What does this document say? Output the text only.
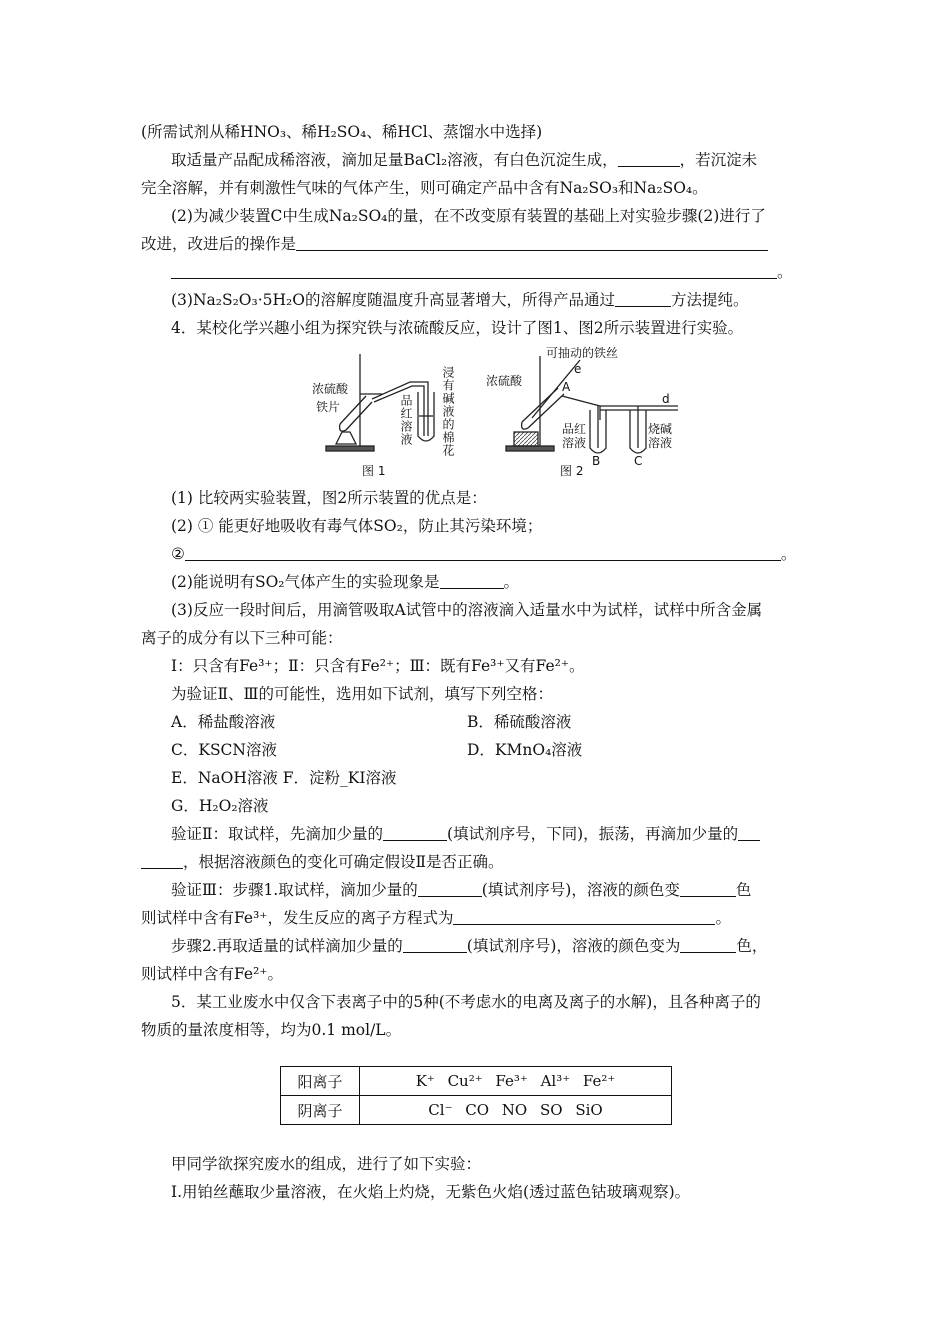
(所需试剂从稀HNO₃、稀H₂SO₄、稀HCl、蒸馏水中选择)
取适量产品配成稀溶液，滴加足量BaCl₂溶液，有白色沉淀生成，	，若沉淀未
完全溶解，并有刺激性气味的气体产生，则可确定产品中含有Na₂SO₃和Na₂SO₄。
(2)为减少装置C中生成Na₂SO₄的量，在不改变原有装置的基础上对实验步骤(2)进行了
改进，改进后的操作是
。
(3)Na₂S₂O₃·5H₂O的溶解度随温度升高显著增大，所得产品通过	方法提纯。
4．某校化学兴趣小组为探究铁与浓硫酸反应，设计了图1、图2所示装置进行实验。
浓硫酸
铁片	品红溶液 浸有碱液的棉花
图 1
可抽动的铁丝
浓硫酸
e
A
品红溶液
B
d
烧碱溶液
C
图 2
(1) 比较两实验装置，图2所示装置的优点是：
(2) ① 能更好地吸收有毒气体SO₂，防止其污染环境；
②	。
(2)能说明有SO₂气体产生的实验现象是	。
(3)反应一段时间后，用滴管吸取A试管中的溶液滴入适量水中为试样，试样中所含金属
离子的成分有以下三种可能：
Ⅰ：只含有Fe³⁺；Ⅱ：只含有Fe²⁺；Ⅲ：既有Fe³⁺又有Fe²⁺。
为验证Ⅱ、Ⅲ的可能性，选用如下试剂，填写下列空格：
A．稀盐酸溶液	B．稀硫酸溶液
C．KSCN溶液	D．KMnO₄溶液
E．NaOH溶液 F．淀粉_KI溶液
G．H₂O₂溶液
验证Ⅱ：取试样，先滴加少量的	(填试剂序号，下同)，振荡，再滴加少量的
，根据溶液颜色的变化可确定假设Ⅱ是否正确。
验证Ⅲ：步骤1.取试样，滴加少量的	(填试剂序号)，溶液的颜色变	色
则试样中含有Fe³⁺，发生反应的离子方程式为	。
步骤2.再取适量的试样滴加少量的	(填试剂序号)，溶液的颜色变为	色，
则试样中含有Fe²⁺。
5．某工业废水中仅含下表离子中的5种(不考虑水的电离及离子的水解)，且各种离子的
物质的量浓度相等，均为0.1 mol/L。
阳离子	K⁺ Cu²⁺ Fe³⁺ Al³⁺ Fe²⁺
阴离子	Cl⁻ CO NO SO SiO
甲同学欲探究废水的组成，进行了如下实验：
Ⅰ.用铂丝蘸取少量溶液，在火焰上灼烧，无紫色火焰(透过蓝色钴玻璃观察)。
